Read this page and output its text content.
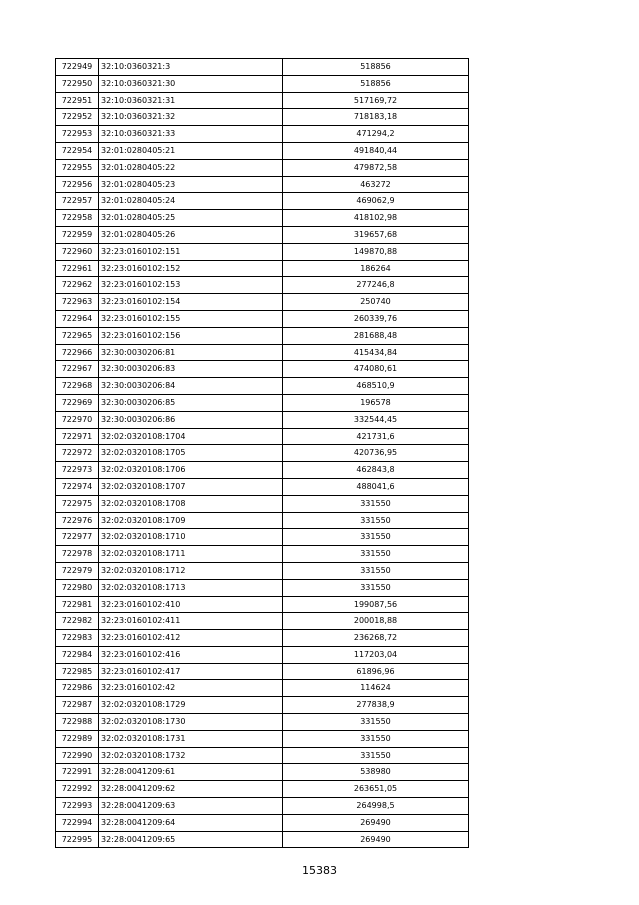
722949	32:10:0360321:3	518856
722950	32:10:0360321:30	518856
722951	32:10:0360321:31	517169,72
722952	32:10:0360321:32	718183,18
722953	32:10:0360321:33	471294,2
722954	32:01:0280405:21	491840,44
722955	32:01:0280405:22	479872,58
722956	32:01:0280405:23	463272
722957	32:01:0280405:24	469062,9
722958	32:01:0280405:25	418102,98
722959	32:01:0280405:26	319657,68
722960	32:23:0160102:151	149870,88
722961	32:23:0160102:152	186264
722962	32:23:0160102:153	277246,8
722963	32:23:0160102:154	250740
722964	32:23:0160102:155	260339,76
722965	32:23:0160102:156	281688,48
722966	32:30:0030206:81	415434,84
722967	32:30:0030206:83	474080,61
722968	32:30:0030206:84	468510,9
722969	32:30:0030206:85	196578
722970	32:30:0030206:86	332544,45
722971	32:02:0320108:1704	421731,6
722972	32:02:0320108:1705	420736,95
722973	32:02:0320108:1706	462843,8
722974	32:02:0320108:1707	488041,6
722975	32:02:0320108:1708	331550
722976	32:02:0320108:1709	331550
722977	32:02:0320108:1710	331550
722978	32:02:0320108:1711	331550
722979	32:02:0320108:1712	331550
722980	32:02:0320108:1713	331550
722981	32:23:0160102:410	199087,56
722982	32:23:0160102:411	200018,88
722983	32:23:0160102:412	236268,72
722984	32:23:0160102:416	117203,04
722985	32:23:0160102:417	61896,96
722986	32:23:0160102:42	114624
722987	32:02:0320108:1729	277838,9
722988	32:02:0320108:1730	331550
722989	32:02:0320108:1731	331550
722990	32:02:0320108:1732	331550
722991	32:28:0041209:61	538980
722992	32:28:0041209:62	263651,05
722993	32:28:0041209:63	264998,5
722994	32:28:0041209:64	269490
722995	32:28:0041209:65	269490
15383
